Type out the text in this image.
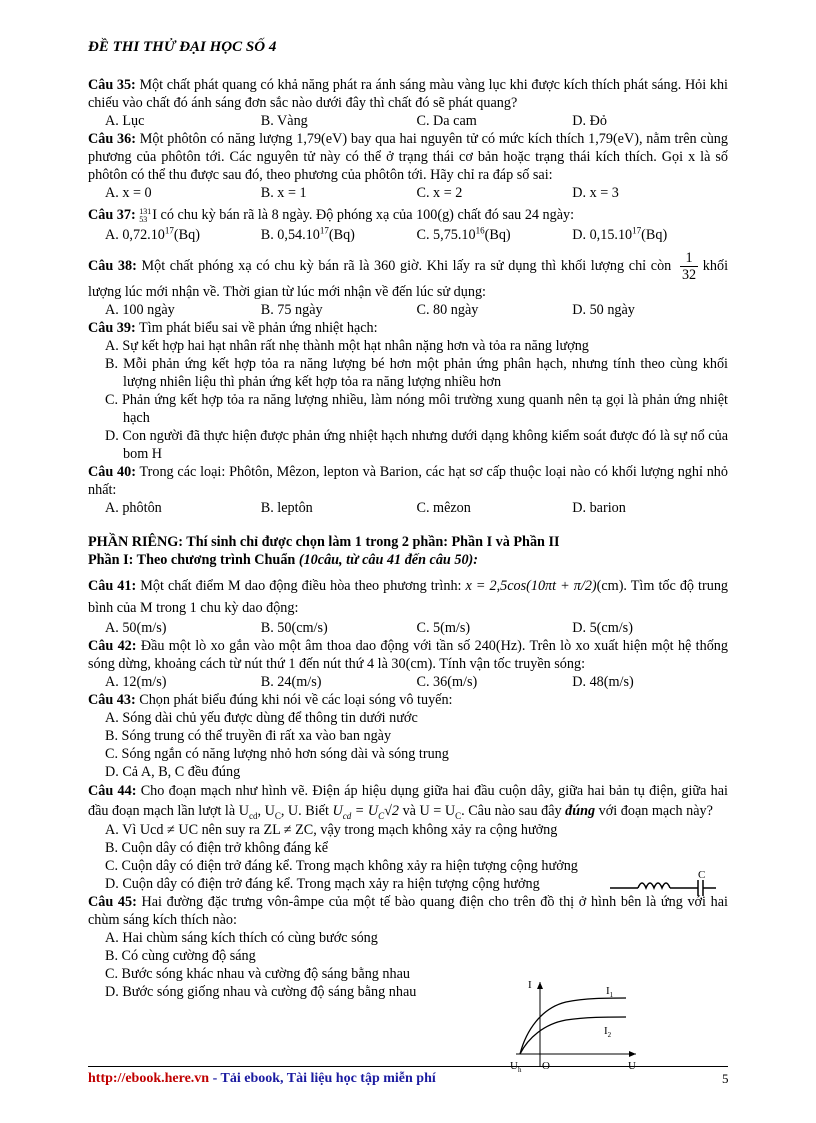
ĐỀ THI THỬ ĐẠI HỌC SỐ 4
Câu 35: Một chất phát quang có khả năng phát ra ánh sáng màu vàng lục khi được kích thích phát sáng. Hỏi khi chiếu vào chất đó ánh sáng đơn sắc nào dưới đây thì chất đó sẽ phát quang?
A. Lục	B. Vàng	C. Da cam	D. Đỏ
Câu 36: Một phôtôn có năng lượng 1,79(eV) bay qua hai nguyên tử có mức kích thích 1,79(eV), nằm trên cùng phương của phôtôn tới. Các nguyên tử này có thể ở trạng thái cơ bản hoặc trạng thái kích thích. Gọi x là số phôtôn có thể thu được sau đó, theo phương của phôtôn tới. Hãy chỉ ra đáp số sai:
A. x = 0	B. x = 1	C. x = 2	D. x = 3
Câu 37: 131
53 I có chu kỳ bán rã là 8 ngày. Độ phóng xạ của 100(g) chất đó sau 24 ngày:
A. 0,72.10$^{17}$(Bq)	B. 0,54.10$^{17}$(Bq)	C. 5,75.10$^{16}$(Bq)	D. 0,15.10$^{17}$(Bq)
Câu 38: Một chất phóng xạ có chu kỳ bán rã là 360 giờ. Khi lấy ra sử dụng thì khối lượng chỉ còn $\frac{1}{32}$ khối lượng lúc mới nhận về. Thời gian từ lúc mới nhận về đến lúc sử dụng:
A. 100 ngày	B. 75 ngày	C. 80 ngày	D. 50 ngày
Câu 39: Tìm phát biểu sai về phản ứng nhiệt hạch:
A. Sự kết hợp hai hạt nhân rất nhẹ thành một hạt nhân nặng hơn và tỏa ra năng lượng
B. Mỗi phản ứng kết hợp tỏa ra năng lượng bé hơn một phản ứng phân hạch, nhưng tính theo cùng khối lượng nhiên liệu thì phản ứng kết hợp tỏa ra năng lượng nhiều hơn
C. Phản ứng kết hợp tỏa ra năng lượng nhiều, làm nóng môi trường xung quanh nên tạ gọi là phản ứng nhiệt hạch
D. Con người đã thực hiện được phản ứng nhiệt hạch nhưng dưới dạng không kiểm soát được đó là sự nổ của bom H
Câu 40: Trong các loại: Phôtôn, Mêzon, lepton và Barion, các hạt sơ cấp thuộc loại nào có khối lượng nghỉ nhỏ nhất:
A. phôtôn	B. leptôn	C. mêzon	D. barion
PHẦN RIÊNG: Thí sinh chỉ được chọn làm 1 trong 2 phần: Phần I và Phần II
Phần I: Theo chương trình Chuẩn (10câu, từ câu 41 đến câu 50):
Câu 41: Một chất điểm M dao động điều hòa theo phương trình: x = 2,5cos(10πt + π/2)(cm). Tìm tốc độ trung bình của M trong 1 chu kỳ dao động:
A. 50(m/s)	B. 50(cm/s)	C. 5(m/s)	D. 5(cm/s)
Câu 42: Đầu một lò xo gắn vào một âm thoa dao động với tần số 240(Hz). Trên lò xo xuất hiện một hệ thống sóng dừng, khoảng cách từ nút thứ 1 đến nút thứ 4 là 30(cm). Tính vận tốc truyền sóng:
A. 12(m/s)	B. 24(m/s)	C. 36(m/s)	D. 48(m/s)
Câu 43: Chọn phát biểu đúng khi nói về các loại sóng vô tuyến:
A. Sóng dài chủ yếu được dùng để thông tin dưới nước
B. Sóng trung có thể truyền đi rất xa vào ban ngày
C. Sóng ngắn có năng lượng nhỏ hơn sóng dài và sóng trung
D. Cả A, B, C đều đúng
Câu 44: Cho đoạn mạch như hình vẽ. Điện áp hiệu dụng giữa hai đầu cuộn dây, giữa hai bản tụ điện, giữa hai đầu đoạn mạch lần lượt là $U_{cd}$, $U_C$, U. Biết $U_{cd} = U_C√2$ và $U = U_C$. Câu nào sau đây đúng với đoạn mạch này?
A. Vì Ucd ≠ UC nên suy ra ZL ≠ ZC, vậy trong mạch không xảy ra cộng hưởng
B. Cuộn dây có điện trở không đáng kể
C. Cuộn dây có điện trở đáng kể. Trong mạch không xảy ra hiện tượng cộng hưởng
D. Cuộn dây có điện trở đáng kể. Trong mạch xảy ra hiện tượng cộng hưởng
Câu 45: Hai đường đặc trưng vôn-âmpe của một tế bào quang điện cho trên đồ thị ở hình bên là ứng với hai chùm sáng kích thích nào:
A. Hai chùm sáng kích thích có cùng bước sóng
B. Có cùng cường độ sáng
C. Bước sóng khác nhau và cường độ sáng bằng nhau
D. Bước sóng giống nhau và cường độ sáng bằng nhau
C
I	$I_1$
$I_2$
$U_h$ O	U
http://ebook.here.vn - Tải ebook, Tài liệu học tập miễn phí	5
